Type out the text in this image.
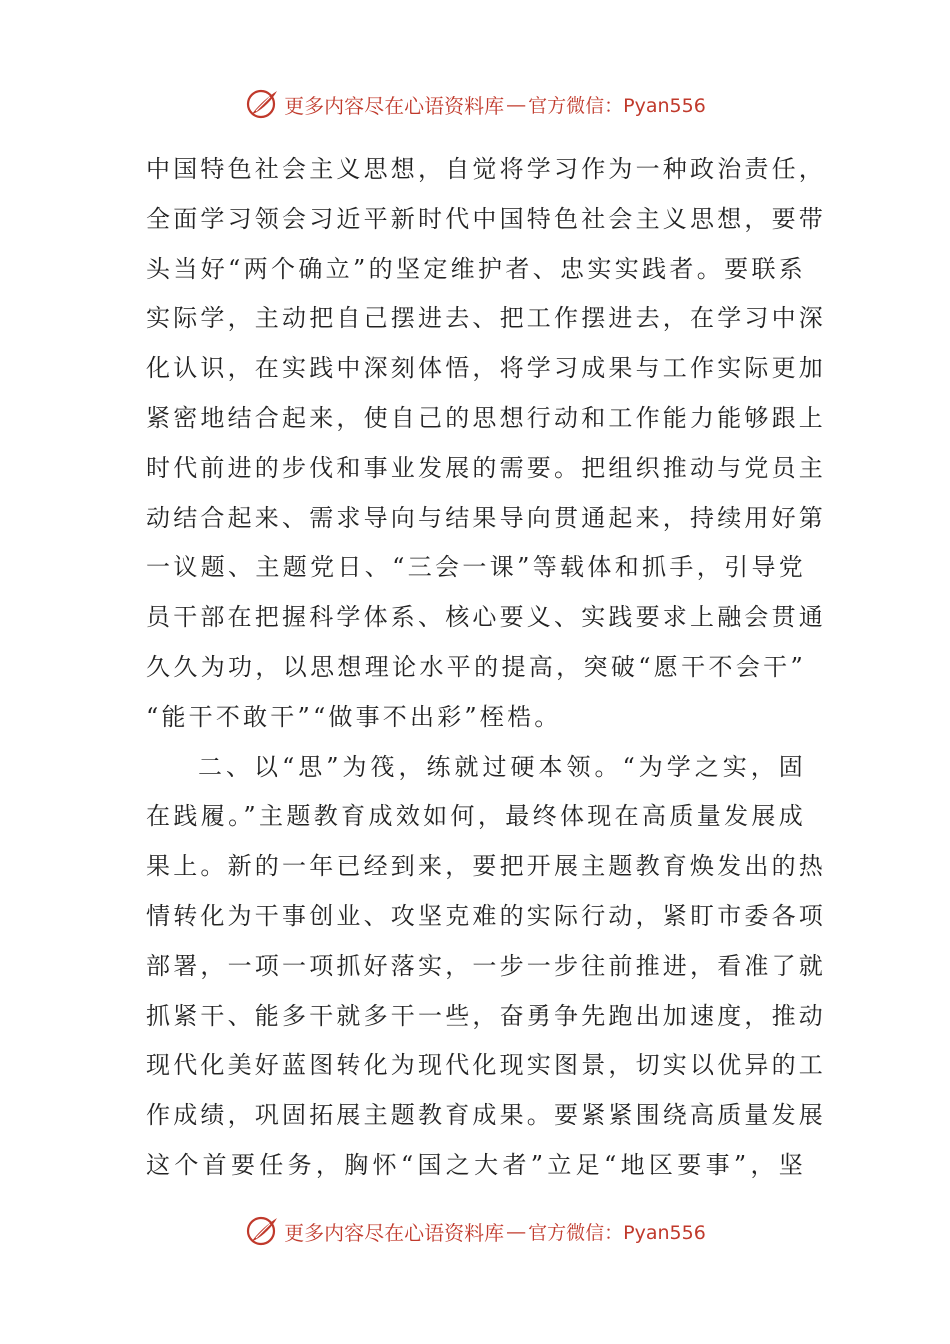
更多内容尽在心语资料库 — 官方微信：Pyan556
中国特色社会主义思想，自觉将学习作为一种政治责任，
全面学习领会习近平新时代中国特色社会主义思想，要带
头当好“两个确立”的坚定维护者、忠实实践者。要联系
实际学，主动把自己摆进去、把工作摆进去，在学习中深
化认识，在实践中深刻体悟，将学习成果与工作实际更加
紧密地结合起来，使自己的思想行动和工作能力能够跟上
时代前进的步伐和事业发展的需要。把组织推动与党员主
动结合起来、需求导向与结果导向贯通起来，持续用好第
一议题、主题党日、“三会一课”等载体和抓手，引导党
员干部在把握科学体系、核心要义、实践要求上融会贯通
久久为功，以思想理论水平的提高，突破“愿干不会干”
“能干不敢干”“做事不出彩”桎梏。
二、以“思”为筏，练就过硬本领。“为学之实，固
在践履。”主题教育成效如何，最终体现在高质量发展成
果上。新的一年已经到来，要把开展主题教育焕发出的热
情转化为干事创业、攻坚克难的实际行动，紧盯市委各项
部署，一项一项抓好落实，一步一步往前推进，看准了就
抓紧干、能多干就多干一些，奋勇争先跑出加速度，推动
现代化美好蓝图转化为现代化现实图景，切实以优异的工
作成绩，巩固拓展主题教育成果。要紧紧围绕高质量发展
这个首要任务，胸怀“国之大者”立足“地区要事”，坚
更多内容尽在心语资料库 — 官方微信：Pyan556
